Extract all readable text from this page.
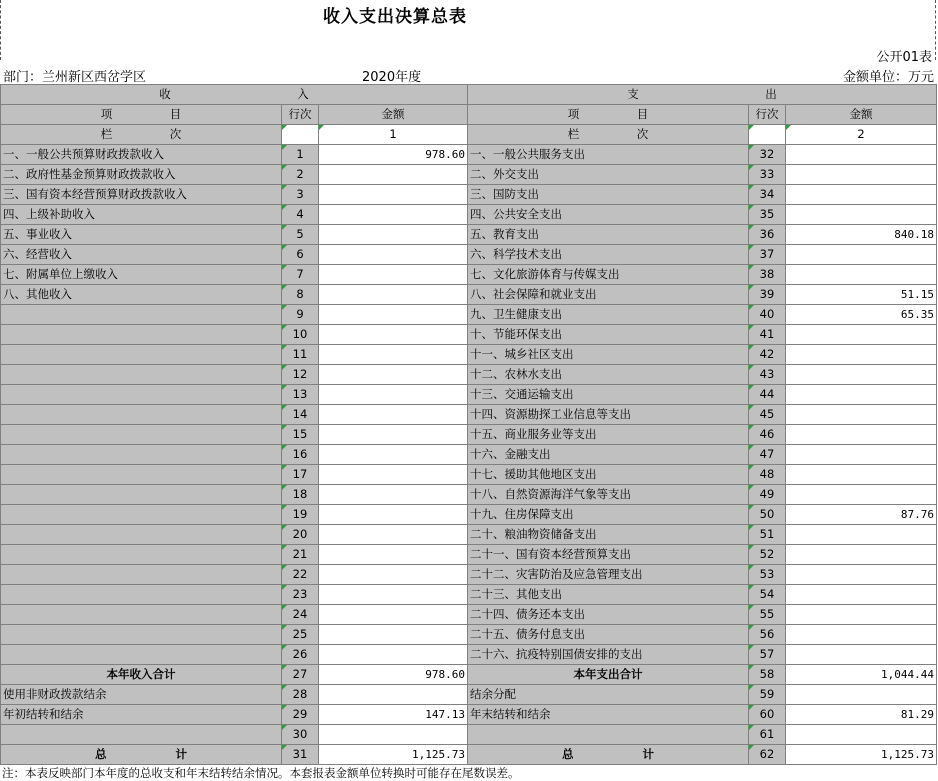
收入支出决算总表
公开01表
部门：兰州新区西岔学区	2020年度	金额单位：万元
收　　　　　　　　　　　入			支　　　　　　　　　　　出		
项　　　　　目	行次	金额	项　　　　　目	行次	金额
栏　　　　　次		1	栏　　　　　次		2
一、一般公共预算财政拨款收入	1	978.60	一、一般公共服务支出	32	
二、政府性基金预算财政拨款收入	2		二、外交支出	33	
三、国有资本经营预算财政拨款收入	3		三、国防支出	34	
四、上级补助收入	4		四、公共安全支出	35	
五、事业收入	5		五、教育支出	36	840.18
六、经营收入	6		六、科学技术支出	37	
七、附属单位上缴收入	7		七、文化旅游体育与传媒支出	38	
八、其他收入	8		八、社会保障和就业支出	39	51.15
	9		九、卫生健康支出	40	65.35
	10		十、节能环保支出	41	
	11		十一、城乡社区支出	42	
	12		十二、农林水支出	43	
	13		十三、交通运输支出	44	
	14		十四、资源勘探工业信息等支出	45	
	15		十五、商业服务业等支出	46	
	16		十六、金融支出	47	
	17		十七、援助其他地区支出	48	
	18		十八、自然资源海洋气象等支出	49	
	19		十九、住房保障支出	50	87.76
	20		二十、粮油物资储备支出	51	
	21		二十一、国有资本经营预算支出	52	
	22		二十二、灾害防治及应急管理支出	53	
	23		二十三、其他支出	54	
	24		二十四、债务还本支出	55	
	25		二十五、债务付息支出	56	
	26		二十六、抗疫特别国债安排的支出	57	
本年收入合计	27	978.60	本年支出合计	58	1,044.44
使用非财政拨款结余	28		结余分配	59	
年初结转和结余	29	147.13	年末结转和结余	60	81.29
	30			61	
总　　　　　　计	31	1,125.73	总　　　　　　计	62	1,125.73
注：本表反映部门本年度的总收支和年末结转结余情况。本套报表金额单位转换时可能存在尾数误差。
